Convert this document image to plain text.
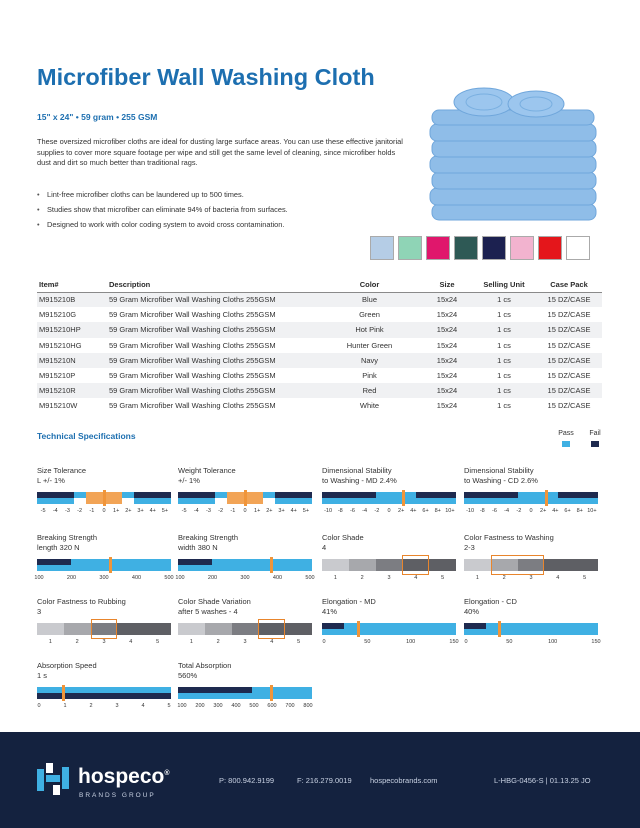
Microfiber Wall Washing Cloth
15" x 24" • 59 gram • 255 GSM

These oversized microfiber cloths are ideal for dusting large surface areas. You can use these effective janitorial supplies to cover more square footage per wipe and still get the same level of cleaning, since microfiber holds dust and dirt so much better than traditional rags.

• Lint-free microfiber cloths can be laundered up to 500 times.
• Studies show that microfiber can eliminate 94% of bacteria from surfaces.
• Designed to work with color coding system to avoid cross contamination.
Item#	Description	Color	Size	Selling Unit	Case Pack
M915210B	59 Gram Microfiber Wall Washing Cloths 255GSM	Blue	15x24	1 cs	15 DZ/CASE
M915210G	59 Gram Microfiber Wall Washing Cloths 255GSM	Green	15x24	1 cs	15 DZ/CASE
M915210HP	59 Gram Microfiber Wall Washing Cloths 255GSM	Hot Pink	15x24	1 cs	15 DZ/CASE
M915210HG	59 Gram Microfiber Wall Washing Cloths 255GSM	Hunter Green	15x24	1 cs	15 DZ/CASE
M915210N	59 Gram Microfiber Wall Washing Cloths 255GSM	Navy	15x24	1 cs	15 DZ/CASE
M915210P	59 Gram Microfiber Wall Washing Cloths 255GSM	Pink	15x24	1 cs	15 DZ/CASE
M915210R	59 Gram Microfiber Wall Washing Cloths 255GSM	Red	15x24	1 cs	15 DZ/CASE
M915210W	59 Gram Microfiber Wall Washing Cloths 255GSM	White	15x24	1 cs	15 DZ/CASE
Technical Specifications	Pass	Fail
Size Tolerance
L +/- 1%
-5 -4 -3 -2 -1 0 1+ 2+ 3+ 4+ 5+
Weight Tolerance
+/- 1%
-5 -4 -3 -2 -1 0 1+ 2+ 3+ 4+ 5+
Dimensional Stability
to Washing - MD 2.4%
-10 -8 -6 -4 -2 0 2+ 4+ 6+ 8+ 10+
Dimensional Stability
to Washing - CD 2.6%
-10 -8 -6 -4 -2 0 2+ 4+ 6+ 8+ 10+
Breaking Strength
length 320 N
100	200	300	400	500
Breaking Strength
width 380 N
100	200	300	400	500
Color Shade
4
1	2	3	4	5
Color Fastness to Washing
2-3
1	2	3	4	5
Color Fastness to Rubbing
3
1	2	3	4	5
Color Shade Variation
after 5 washes - 4
1	2	3	4	5
Elongation - MD
41%
0	50	100	150
Elongation - CD
40%
0	50	100	150
Absorption Speed
1 s
0	1	2	3	4	5
Total Absorption
560%
100 200 300 400 500 600 700 800
hospeco®
BRANDS GROUP
P: 800.942.9199	F: 216.279.0019 hospecobrands.com	L-HBG-0456-S | 01.13.25 JO
